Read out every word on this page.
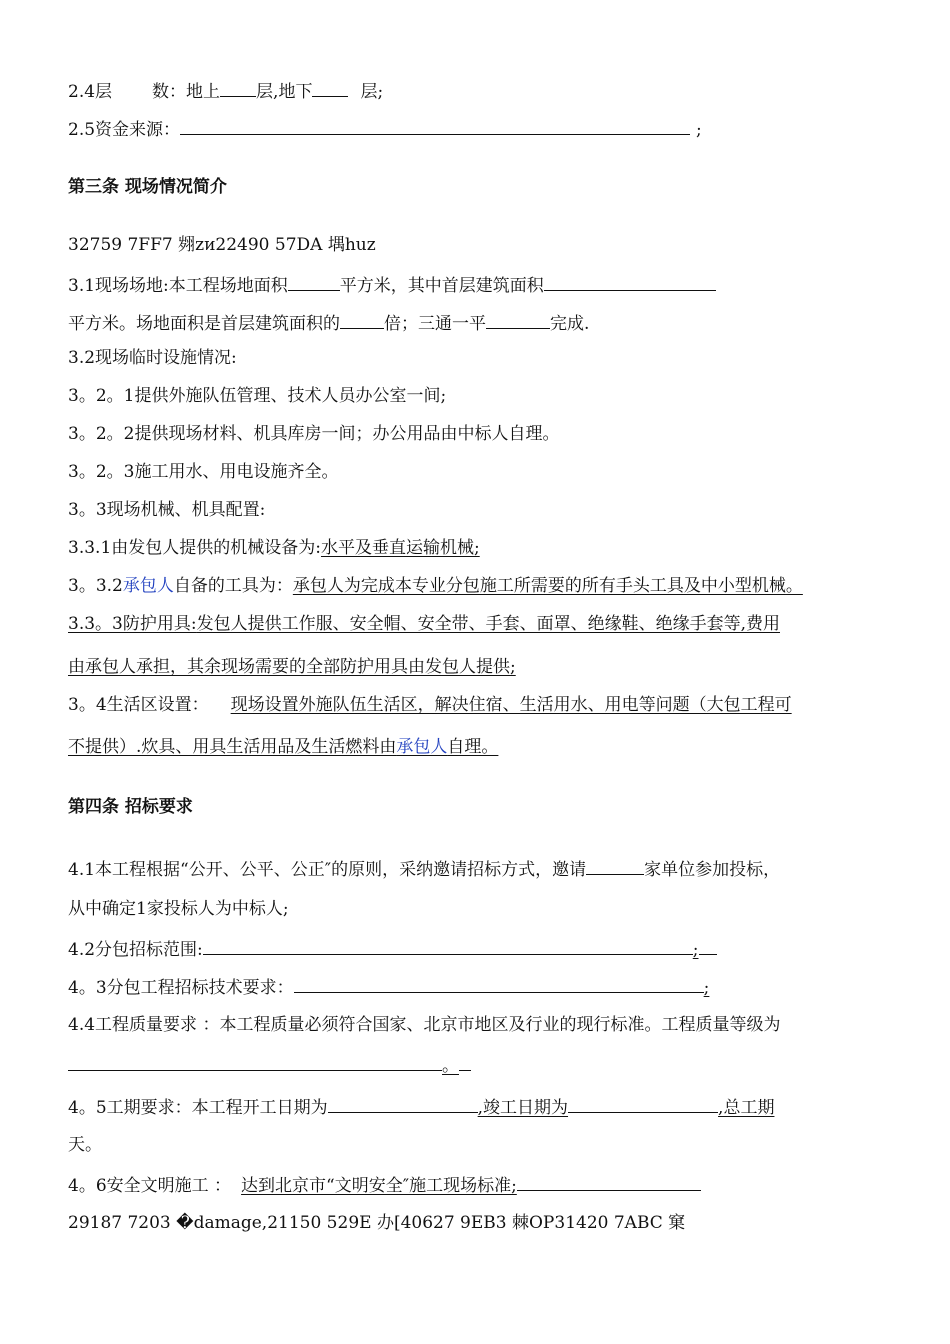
2.4层 数：地上 层,地下	层;
2.5资金来源：	;
第三条 现场情况简介
32759 7FF7 翙zᴎ22490 57DA 堣huz
3.1现场场地:本工程场地面积	平方米，其中首层建筑面积
平方米。场地面积是首层建筑面积的	倍；三通一平	完成.
3.2现场临时设施情况:
3。2。1提供外施队伍管理、技术人员办公室一间;
3。2。2提供现场材料、机具库房一间；办公用品由中标人自理。
3。2。3施工用水、用电设施齐全。
3。3现场机械、机具配置:
3.3.1由发包人提供的机械设备为:水平及垂直运输机械;
3。3.2承包人自备的工具为：承包人为完成本专业分包施工所需要的所有手头工具及中小型机械。
3.3。3防护用具:发包人提供工作服、安全帽、安全带、手套、面罩、绝缘鞋、绝缘手套等,费用
由承包人承担，其余现场需要的全部防护用具由发包人提供;
3。4生活区设置： 现场设置外施队伍生活区，解决住宿、生活用水、用电等问题（大包工程可
不提供）.炊具、用具生活用品及生活燃料由承包人自理。
第四条 招标要求
4.1本工程根据“公开、公平、公正″的原则，采纳邀请招标方式，邀请	家单位参加投标，
从中确定1家投标人为中标人;
4.2分包招标范围:	;
4。3分包工程招标技术要求：	;
4.4工程质量要求 ：本工程质量必须符合国家、北京市地区及行业的现行标准。工程质量等级为
。
4。5工期要求：本工程开工日期为	,竣工日期为	,总工期
天。
4。6安全文明施工 ： 达到北京市“文明安全″施工现场标准;
29187 7203 �damage,21150 529E 办[40627 9EB3 棘OP31420 7ABC 窠
